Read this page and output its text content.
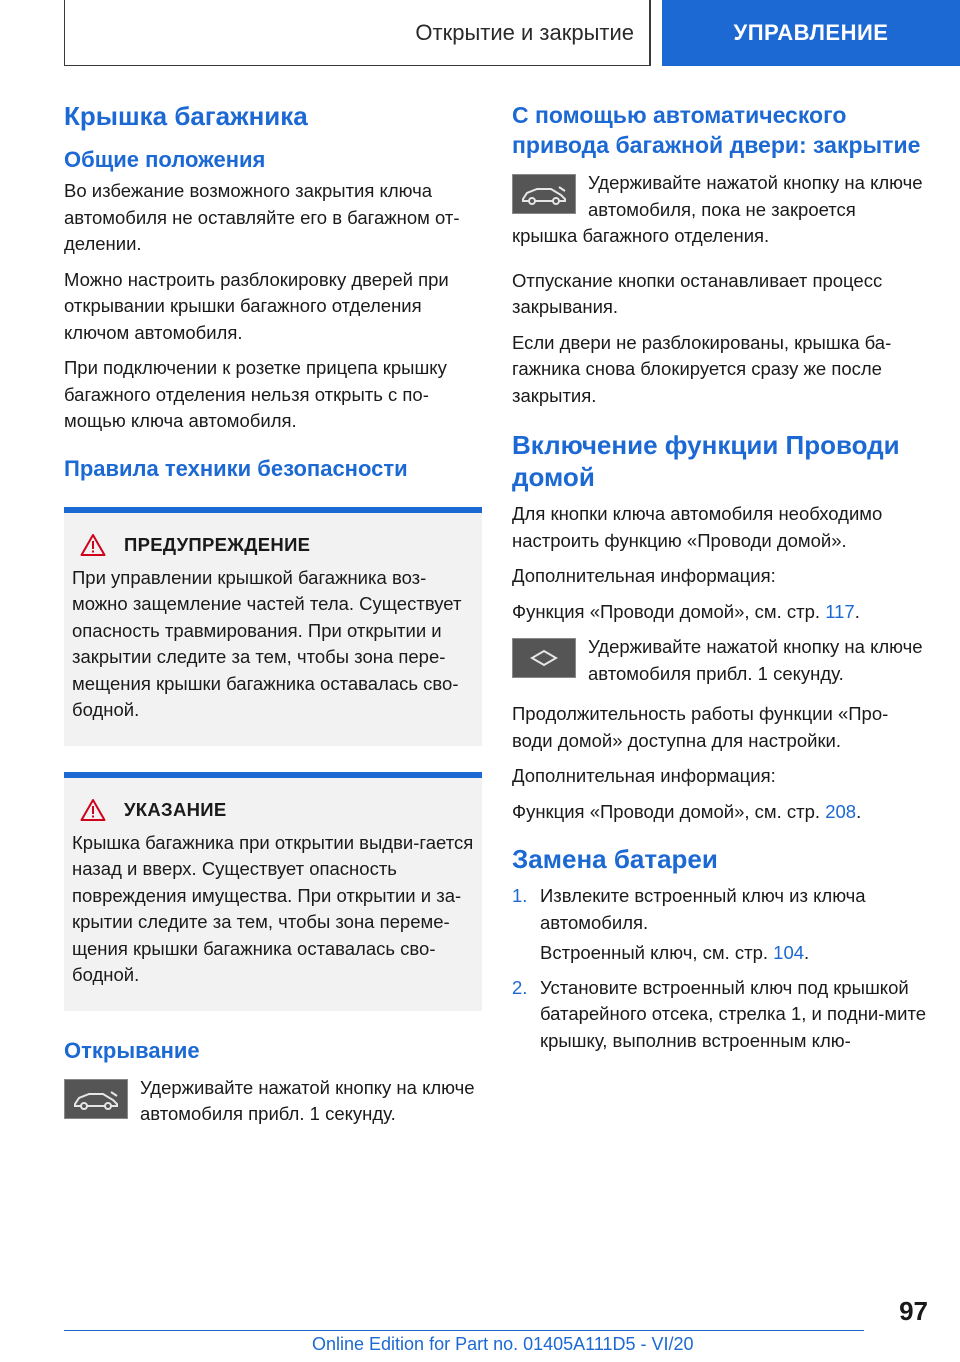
Открытие и закрытие	УПРАВЛЕНИЕ
Крышка багажника
Общие положения

Во избежание возможного закрытия ключа автомобиля не оставляйте его в багажном от-делении.

Можно настроить разблокировку дверей при открывании крышки багажного отделения ключом автомобиля.

При подключении к розетке прицепа крышку багажного отделения нельзя открыть с по-мощью ключа автомобиля.

Правила техники безопасности
ПРЕДУПРЕЖДЕНИЕ

При управлении крышкой багажника воз-можно защемление частей тела. Существует опасность травмирования. При открытии и закрытии следите за тем, чтобы зона пере-мещения крышки багажника оставалась сво-бодной.

УКАЗАНИЕ

Крышка багажника при открытии выдви-гается назад и вверх. Существует опасность повреждения имущества. При открытии и за-крытии следите за тем, чтобы зона переме-щения крышки багажника оставалась сво-бодной.

Открывание
Удерживайте нажатой кнопку на ключе автомобиля прибл. 1 секунду.
С помощью автоматического привода багажной двери: закрытие
Удерживайте нажатой кнопку на ключе автомобиля, пока не закроется

крышка багажного отделения.

Отпускание кнопки останавливает процесс закрывания.

Если двери не разблокированы, крышка ба-гажника снова блокируется сразу же после закрытия.

Включение функции Проводи домой

Для кнопки ключа автомобиля необходимо настроить функцию «Проводи домой».

Дополнительная информация:

Функция «Проводи домой», см. стр. 117.

Удерживайте нажатой кнопку на ключе автомобиля прибл. 1 секунду.

Продолжительность работы функции «Про-води домой» доступна для настройки.

Дополнительная информация:

Функция «Проводи домой», см. стр. 208.

Замена батареи
1. Извлеките встроенный ключ из ключа автомобиля.
Встроенный ключ, см. стр. 104.
2. Установите встроенный ключ под крышкой батарейного отсека, стрелка 1, и подни-мите крышку, выполнив встроенным клю-
97
Online Edition for Part no. 01405A111D5 - VI/20
